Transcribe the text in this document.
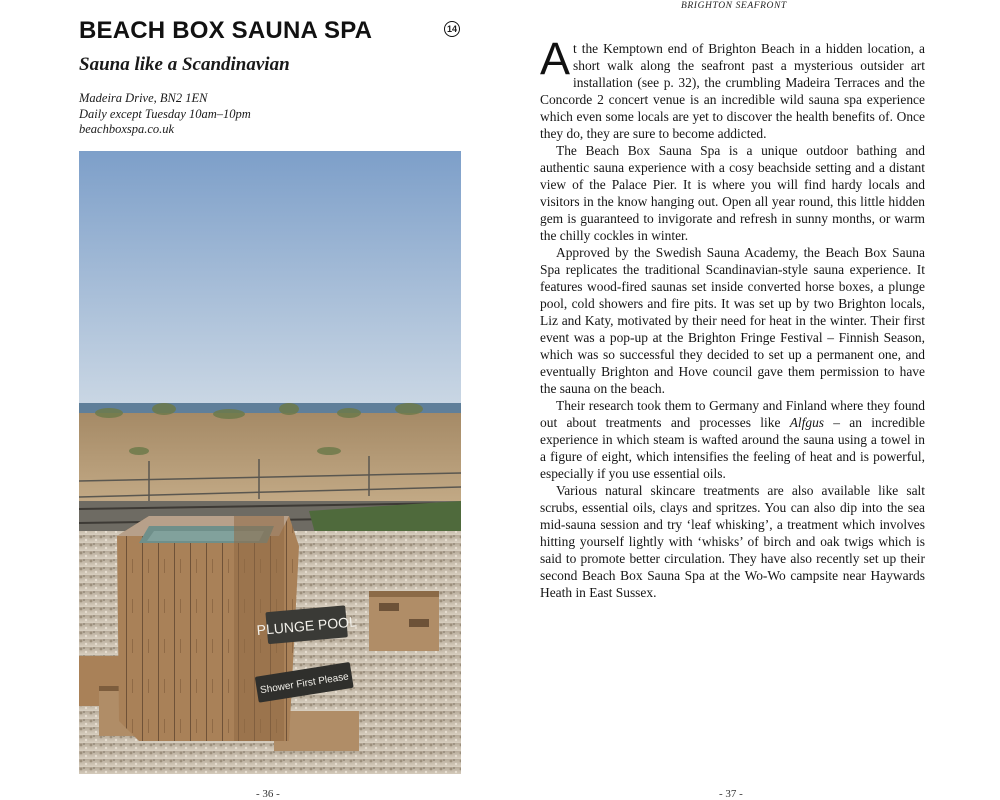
BEACH BOX SAUNA SPA	14
Sauna like a Scandinavian
Madeira Drive, BN2 1EN
Daily except Tuesday 10am–10pm
beachboxspa.co.uk
PLUNGE POOL
Shower First Please
- 36 -
BRIGHTON SEAFRONT

At the Kemptown end of Brighton Beach in a hidden location, a short walk along the seafront past a mysterious outsider art installation (see p. 32), the crumbling Madeira Terraces and the Concorde 2 concert venue is an incredible wild sauna spa experience which even some locals are yet to discover the health benefits of. Once they do, they are sure to become addicted.

The Beach Box Sauna Spa is a unique outdoor bathing and authentic sauna experience with a cosy beachside setting and a distant view of the Palace Pier. It is where you will find hardy locals and visitors in the know hanging out. Open all year round, this little hidden gem is guaranteed to invigorate and refresh in sunny months, or warm the chilly cockles in winter.

Approved by the Swedish Sauna Academy, the Beach Box Sauna Spa replicates the traditional Scandinavian-style sauna experience. It features wood-fired saunas set inside converted horse boxes, a plunge pool, cold showers and fire pits. It was set up by two Brighton locals, Liz and Katy, motivated by their need for heat in the winter. Their first event was a pop-up at the Brighton Fringe Festival – Finnish Season, which was so successful they decided to set up a permanent one, and eventually Brighton and Hove council gave them permission to have the sauna on the beach.

Their research took them to Germany and Finland where they found out about treatments and processes like Alfgus – an incredible experience in which steam is wafted around the sauna using a towel in a figure of eight, which intensifies the feeling of heat and is powerful, especially if you use essential oils.

Various natural skincare treatments are also available like salt scrubs, essential oils, clays and spritzes. You can also dip into the sea mid-sauna session and try ‘leaf whisking’, a treatment which involves hitting yourself lightly with ‘whisks’ of birch and oak twigs which is said to promote better circulation. They have also recently set up their second Beach Box Sauna Spa at the Wo-Wo campsite near Haywards Heath in East Sussex.

- 37 -
